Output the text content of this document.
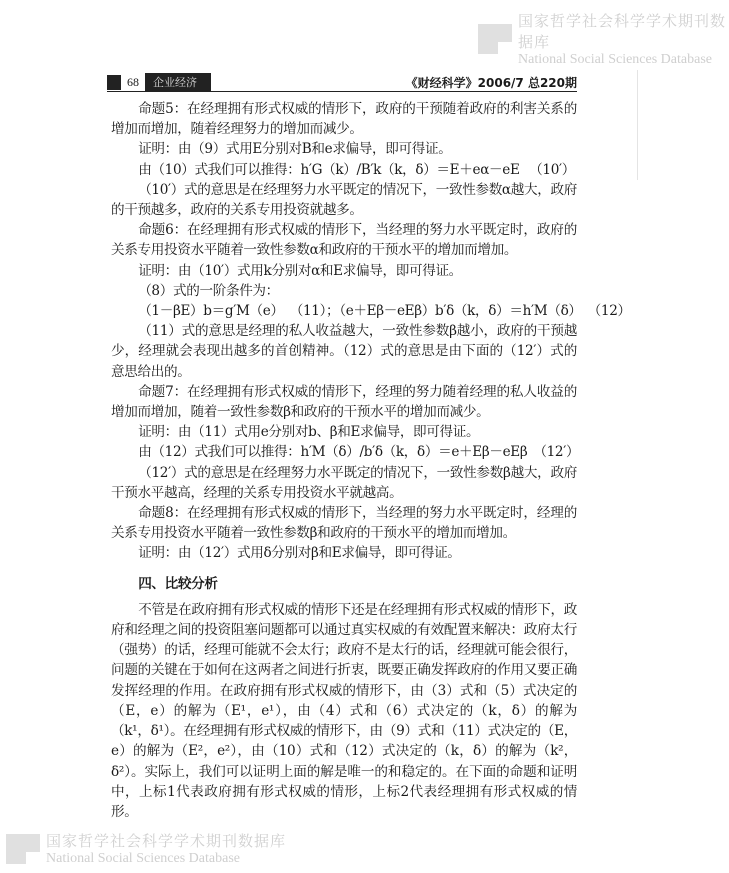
国家哲学社会科学学术期刊数据库
National Social Sciences Database
68	企业经济	《财经科学》2006/7 总220期

命题5：在经理拥有形式权威的情形下，政府的干预随着政府的利害关系的增加而增加，随着经理努力的增加而减少。

证明：由（9）式用E分别对B和e求偏导，即可得证。

由（10）式我们可以推得：h′G（k）/B′k（k，δ）＝E＋eα－eE （10′）

（10′）式的意思是在经理努力水平既定的情况下，一致性参数α越大，政府的干预越多，政府的关系专用投资就越多。

命题6：在经理拥有形式权威的情形下，当经理的努力水平既定时，政府的关系专用投资水平随着一致性参数α和政府的干预水平的增加而增加。

证明：由（10′）式用k分别对α和E求偏导，即可得证。

（8）式的一阶条件为：

（1－βE）b＝g′M（e） （11）；（e＋Eβ－eEβ）b′δ（k，δ）＝h′M（δ） （12）

（11）式的意思是经理的私人收益越大，一致性参数β越小，政府的干预越少，经理就会表现出越多的首创精神。（12）式的意思是由下面的（12′）式的意思给出的。

命题7：在经理拥有形式权威的情形下，经理的努力随着经理的私人收益的增加而增加，随着一致性参数β和政府的干预水平的增加而减少。

证明：由（11）式用e分别对b、β和E求偏导，即可得证。

由（12）式我们可以推得：h′M（δ）/b′δ（k，δ）＝e＋Eβ－eEβ （12′）

（12′）式的意思是在经理努力水平既定的情况下，一致性参数β越大，政府干预水平越高，经理的关系专用投资水平就越高。

命题8：在经理拥有形式权威的情形下，当经理的努力水平既定时，经理的关系专用投资水平随着一致性参数β和政府的干预水平的增加而增加。

证明：由（12′）式用δ分别对β和E求偏导，即可得证。

四、比较分析

不管是在政府拥有形式权威的情形下还是在经理拥有形式权威的情形下，政府和经理之间的投资阻塞问题都可以通过真实权威的有效配置来解决：政府太行（强势）的话，经理可能就不会太行；政府不是太行的话，经理就可能会很行，问题的关键在于如何在这两者之间进行折衷，既要正确发挥政府的作用又要正确发挥经理的作用。在政府拥有形式权威的情形下，由（3）式和（5）式决定的（E，e）的解为（E¹，e¹），由（4）式和（6）式决定的（k，δ）的解为（k¹，δ¹）。在经理拥有形式权威的情形下，由（9）式和（11）式决定的（E，e）的解为（E²，e²），由（10）式和（12）式决定的（k，δ）的解为（k²，δ²）。实际上，我们可以证明上面的解是唯一的和稳定的。在下面的命题和证明中，上标1代表政府拥有形式权威的情形，上标2代表经理拥有形式权威的情形。

国家哲学社会科学学术期刊数据库
National Social Sciences Database
